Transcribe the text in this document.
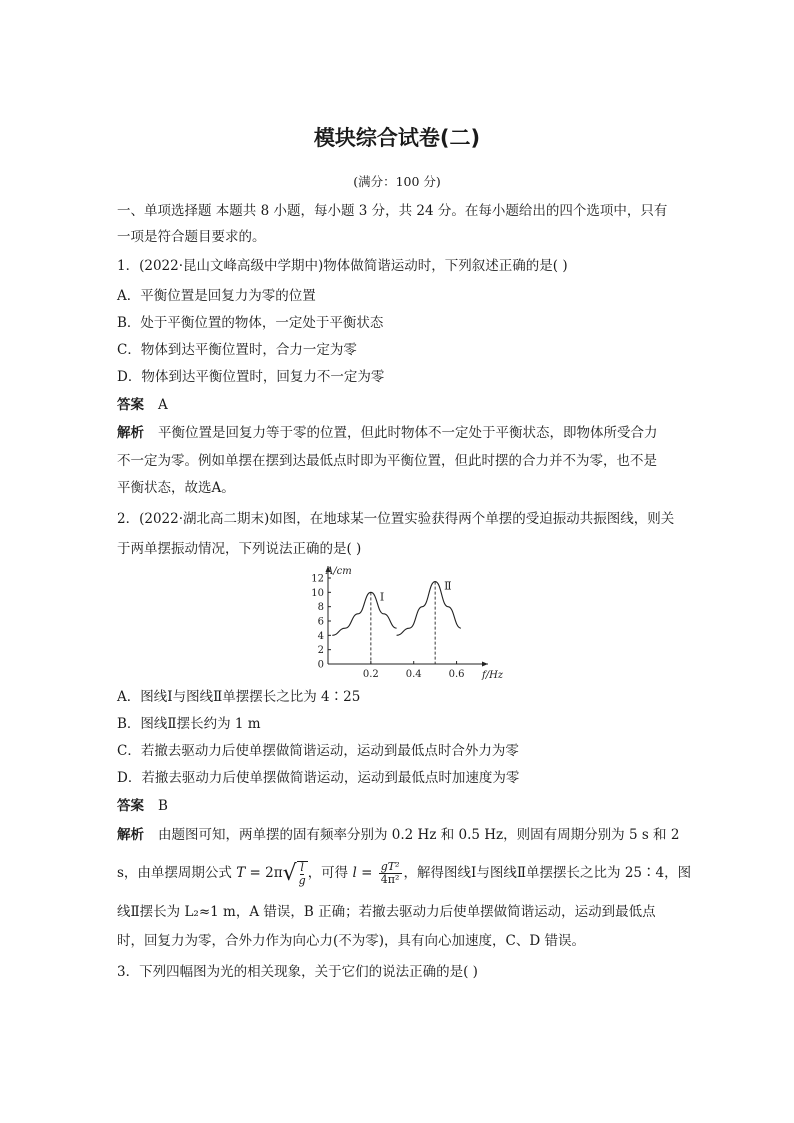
模块综合试卷(二)
(满分：100 分)
一、单项选择题 本题共 8 小题，每小题 3 分，共 24 分。在每小题给出的四个选项中，只有
一项是符合题目要求的。
1．(2022·昆山文峰高级中学期中)物体做简谐运动时，下列叙述正确的是( )
A．平衡位置是回复力为零的位置
B．处于平衡位置的物体，一定处于平衡状态
C．物体到达平衡位置时，合力一定为零
D．物体到达平衡位置时，回复力不一定为零
答案 A
解析 平衡位置是回复力等于零的位置，但此时物体不一定处于平衡状态，即物体所受合力
不一定为零。例如单摆在摆到达最低点时即为平衡位置，但此时摆的合力并不为零，也不是
平衡状态，故选A。
2．(2022·湖北高二期末)如图，在地球某一位置实验获得两个单摆的受迫振动共振图线，则关
于两单摆振动情况，下列说法正确的是( )
0
2
4
6
8
10
12
0.2	0.4	0.6
A/cm
f/Hz
Ⅰ
Ⅱ
A．图线Ⅰ与图线Ⅱ单摆摆长之比为 4∶25
B．图线Ⅱ摆长约为 1 m
C．若撤去驱动力后使单摆做简谐运动，运动到最低点时合外力为零
D．若撤去驱动力后使单摆做简谐运动，运动到最低点时加速度为零
答案 B
解析 由题图可知，两单摆的固有频率分别为 0.2 Hz 和 0.5 Hz，则固有周期分别为 5 s 和 2
s，由单摆周期公式 T = 2π √ $\frac{l}{g}$ ，可得 $l = \frac{\text{gT²}}{\text{4π²}}$ ，解得图线Ⅰ与图线Ⅱ单摆摆长之比为 25∶4，图
线Ⅱ摆长为 L₂≈1 m，A 错误，B 正确；若撤去驱动力后使单摆做简谐运动，运动到最低点
时，回复力为零，合外力作为向心力(不为零)，具有向心加速度，C、D 错误。
3．下列四幅图为光的相关现象，关于它们的说法正确的是( )
